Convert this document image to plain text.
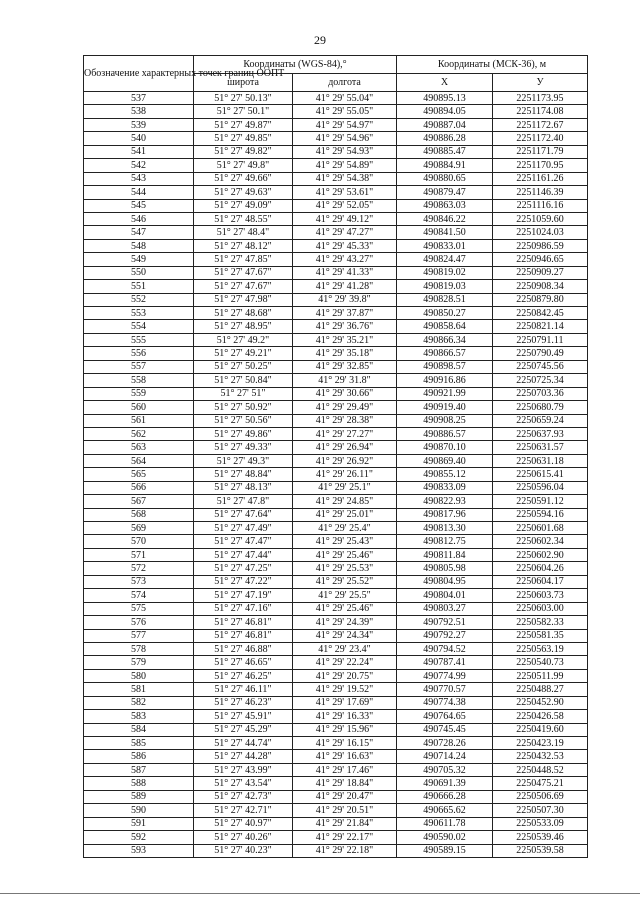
29
Обозначение характерных точек границ ООПТ	Координаты (WGS-84),°		Координаты (МСК-36), м	
	широта	долгота	X	У
537	51° 27' 50.13"	41° 29' 55.04"	490895.13	2251173.95
538	51° 27' 50.1"	41° 29' 55.05"	490894.05	2251174.08
539	51° 27' 49.87"	41° 29' 54.97"	490887.04	2251172.67
540	51° 27' 49.85"	41° 29' 54.96"	490886.28	2251172.40
541	51° 27' 49.82"	41° 29' 54.93"	490885.47	2251171.79
542	51° 27' 49.8"	41° 29' 54.89"	490884.91	2251170.95
543	51° 27' 49.66"	41° 29' 54.38"	490880.65	2251161.26
544	51° 27' 49.63"	41° 29' 53.61"	490879.47	2251146.39
545	51° 27' 49.09"	41° 29' 52.05"	490863.03	2251116.16
546	51° 27' 48.55"	41° 29' 49.12"	490846.22	2251059.60
547	51° 27' 48.4"	41° 29' 47.27"	490841.50	2251024.03
548	51° 27' 48.12"	41° 29' 45.33"	490833.01	2250986.59
549	51° 27' 47.85"	41° 29' 43.27"	490824.47	2250946.65
550	51° 27' 47.67"	41° 29' 41.33"	490819.02	2250909.27
551	51° 27' 47.67"	41° 29' 41.28"	490819.03	2250908.34
552	51° 27' 47.98"	41° 29' 39.8"	490828.51	2250879.80
553	51° 27' 48.68"	41° 29' 37.87"	490850.27	2250842.45
554	51° 27' 48.95"	41° 29' 36.76"	490858.64	2250821.14
555	51° 27' 49.2"	41° 29' 35.21"	490866.34	2250791.11
556	51° 27' 49.21"	41° 29' 35.18"	490866.57	2250790.49
557	51° 27' 50.25"	41° 29' 32.85"	490898.57	2250745.56
558	51° 27' 50.84"	41° 29' 31.8"	490916.86	2250725.34
559	51° 27' 51"	41° 29' 30.66"	490921.99	2250703.36
560	51° 27' 50.92"	41° 29' 29.49"	490919.40	2250680.79
561	51° 27' 50.56"	41° 29' 28.38"	490908.25	2250659.24
562	51° 27' 49.86"	41° 29' 27.27"	490886.57	2250637.93
563	51° 27' 49.33"	41° 29' 26.94"	490870.10	2250631.57
564	51° 27' 49.3"	41° 29' 26.92"	490869.40	2250631.18
565	51° 27' 48.84"	41° 29' 26.11"	490855.12	2250615.41
566	51° 27' 48.13"	41° 29' 25.1"	490833.09	2250596.04
567	51° 27' 47.8"	41° 29' 24.85"	490822.93	2250591.12
568	51° 27' 47.64"	41° 29' 25.01"	490817.96	2250594.16
569	51° 27' 47.49"	41° 29' 25.4"	490813.30	2250601.68
570	51° 27' 47.47"	41° 29' 25.43"	490812.75	2250602.34
571	51° 27' 47.44"	41° 29' 25.46"	490811.84	2250602.90
572	51° 27' 47.25"	41° 29' 25.53"	490805.98	2250604.26
573	51° 27' 47.22"	41° 29' 25.52"	490804.95	2250604.17
574	51° 27' 47.19"	41° 29' 25.5"	490804.01	2250603.73
575	51° 27' 47.16"	41° 29' 25.46"	490803.27	2250603.00
576	51° 27' 46.81"	41° 29' 24.39"	490792.51	2250582.33
577	51° 27' 46.81"	41° 29' 24.34"	490792.27	2250581.35
578	51° 27' 46.88"	41° 29' 23.4"	490794.52	2250563.19
579	51° 27' 46.65"	41° 29' 22.24"	490787.41	2250540.73
580	51° 27' 46.25"	41° 29' 20.75"	490774.99	2250511.99
581	51° 27' 46.11"	41° 29' 19.52"	490770.57	2250488.27
582	51° 27' 46.23"	41° 29' 17.69"	490774.38	2250452.90
583	51° 27' 45.91"	41° 29' 16.33"	490764.65	2250426.58
584	51° 27' 45.29"	41° 29' 15.96"	490745.45	2250419.60
585	51° 27' 44.74"	41° 29' 16.15"	490728.26	2250423.19
586	51° 27' 44.28"	41° 29' 16.63"	490714.24	2250432.53
587	51° 27' 43.99"	41° 29' 17.46"	490705.32	2250448.52
588	51° 27' 43.54"	41° 29' 18.84"	490691.39	2250475.21
589	51° 27' 42.73"	41° 29' 20.47"	490666.28	2250506.69
590	51° 27' 42.71"	41° 29' 20.51"	490665.62	2250507.30
591	51° 27' 40.97"	41° 29' 21.84"	490611.78	2250533.09
592	51° 27' 40.26"	41° 29' 22.17"	490590.02	2250539.46
593	51° 27' 40.23"	41° 29' 22.18"	490589.15	2250539.58
